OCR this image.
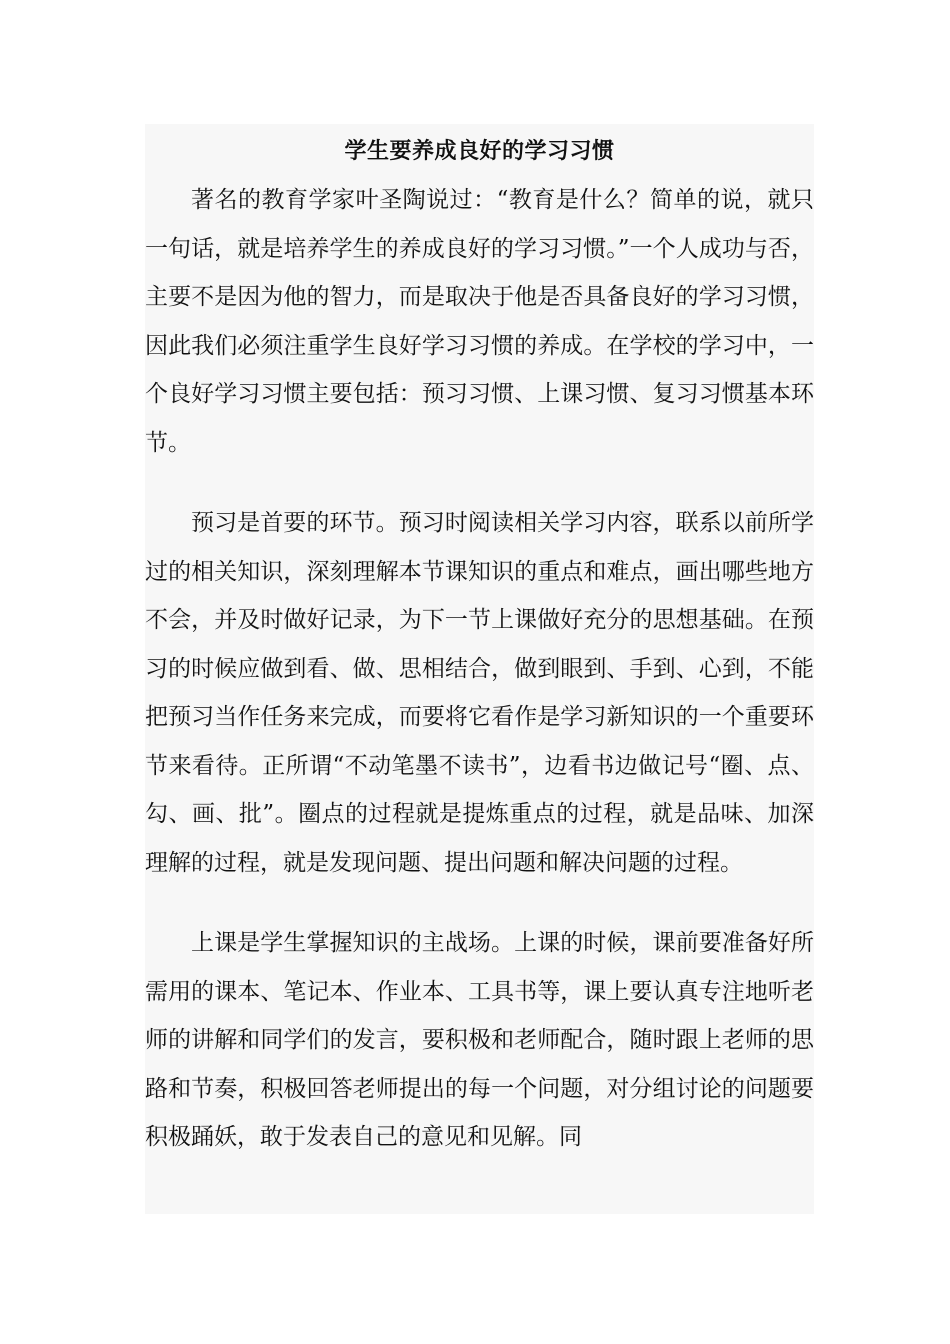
学生要养成良好的学习习惯

著名的教育学家叶圣陶说过：“教育是什么？简单的说，就只一句话，就是培养学生的养成良好的学习习惯。”一个人成功与否，主要不是因为他的智力，而是取决于他是否具备良好的学习习惯，因此我们必须注重学生良好学习习惯的养成。在学校的学习中，一个良好学习习惯主要包括：预习习惯、上课习惯、复习习惯基本环节。

预习是首要的环节。预习时阅读相关学习内容，联系以前所学过的相关知识，深刻理解本节课知识的重点和难点，画出哪些地方不会，并及时做好记录，为下一节上课做好充分的思想基础。在预习的时候应做到看、做、思相结合，做到眼到、手到、心到，不能把预习当作任务来完成，而要将它看作是学习新知识的一个重要环节来看待。正所谓“不动笔墨不读书”，边看书边做记号“圈、点、勾、画、批”。圈点的过程就是提炼重点的过程，就是品味、加深理解的过程，就是发现问题、提出问题和解决问题的过程。

上课是学生掌握知识的主战场。上课的时候，课前要准备好所需用的课本、笔记本、作业本、工具书等，课上要认真专注地听老师的讲解和同学们的发言，要积极和老师配合，随时跟上老师的思路和节奏，积极回答老师提出的每一个问题，对分组讨论的问题要积极踊妖，敢于发表自己的意见和见解。同
